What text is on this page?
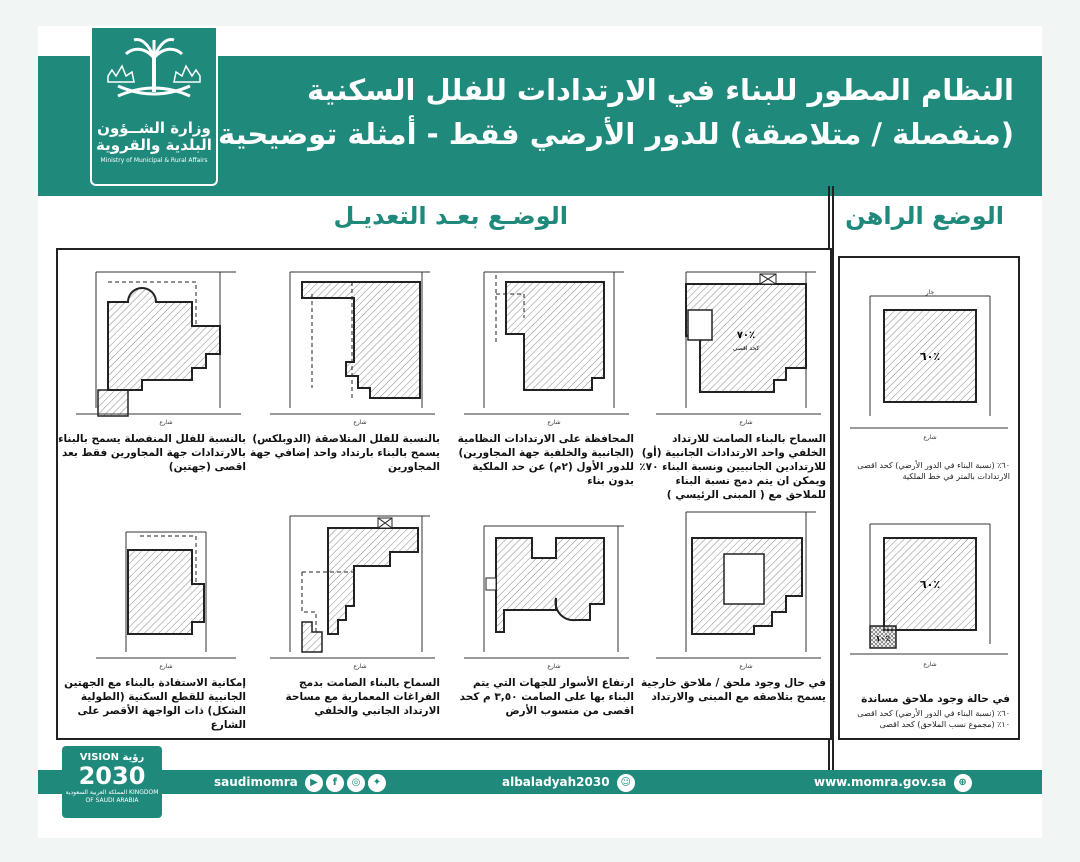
النظام المطور للبناء في الارتدادات للفلل السكنية
(منفصلة / متلاصقة) للدور الأرضي فقط - أمثلة توضيحية
وزارة الشــؤون
البلدية والقروية
Ministry of Municipal & Rural Affairs
الوضع الراهن
الوضـع بعـد التعديـل
جار
شارع
٦٠٪
٦٠٪ (نسبة البناء في الدور الأرضي) كحد اقصى
الارتدادات بالمتر في خط الملكية
٦٠٪
١٠٪
شارع
في حالة وجود ملاحق مساندة
٦٠٪ (نسبة البناء في الدور الأرضي) كحد اقصى
١٠٪ (مجموع نسب الملاحق) كحد اقصى
شارع
٧٠٪
كحد اقصى
السماح بالبناء الصامت للارتداد الخلفي واحد الارتدادات الجانبية (أو) للارتدادين الجانبيين ونسبة البناء ٧٠٪ ويمكن ان يتم دمج نسبة البناء للملاحق مع ( المبنى الرئيسي )
شارع
المحافظة على الارتدادات النظامية (الجانبية والخلفية جهة المجاورين) للدور الأول (٢م) عن حد الملكية بدون بناء
شارع
بالنسبة للفلل المتلاصقة (الدوبلكس) يسمح بالبناء بارتداد واحد إضافي جهة المجاورين
شارع
بالنسبة للفلل المنفصلة يسمح بالبناء بالارتدادات جهة المجاورين فقط بعد اقصى (جهتين)
شارع
في حال وجود ملحق / ملاحق خارجية يسمح بتلاصقه مع المبنى والارتداد
شارع
ارتفاع الأسوار للجهات التي يتم البناء بها على الصامت ٣,٥٠ م كحد اقصى من منسوب الأرض
شارع
السماح بالبناء الصامت بدمج الفراغات المعمارية مع مساحة الارتداد الجانبي والخلفي
شارع
إمكانية الاستفادة بالبناء مع الجهتين الجانبية للقطع السكنية (الطولية الشكل) ذات الواجهة الأقصر على الشارع
saudimomra ▶ f ◎ ✦	albaladyah2030 ☺	www.momra.gov.sa ⊕
VISION رؤية
2030
المملكة العربية السعودية KINGDOM OF SAUDI ARABIA
